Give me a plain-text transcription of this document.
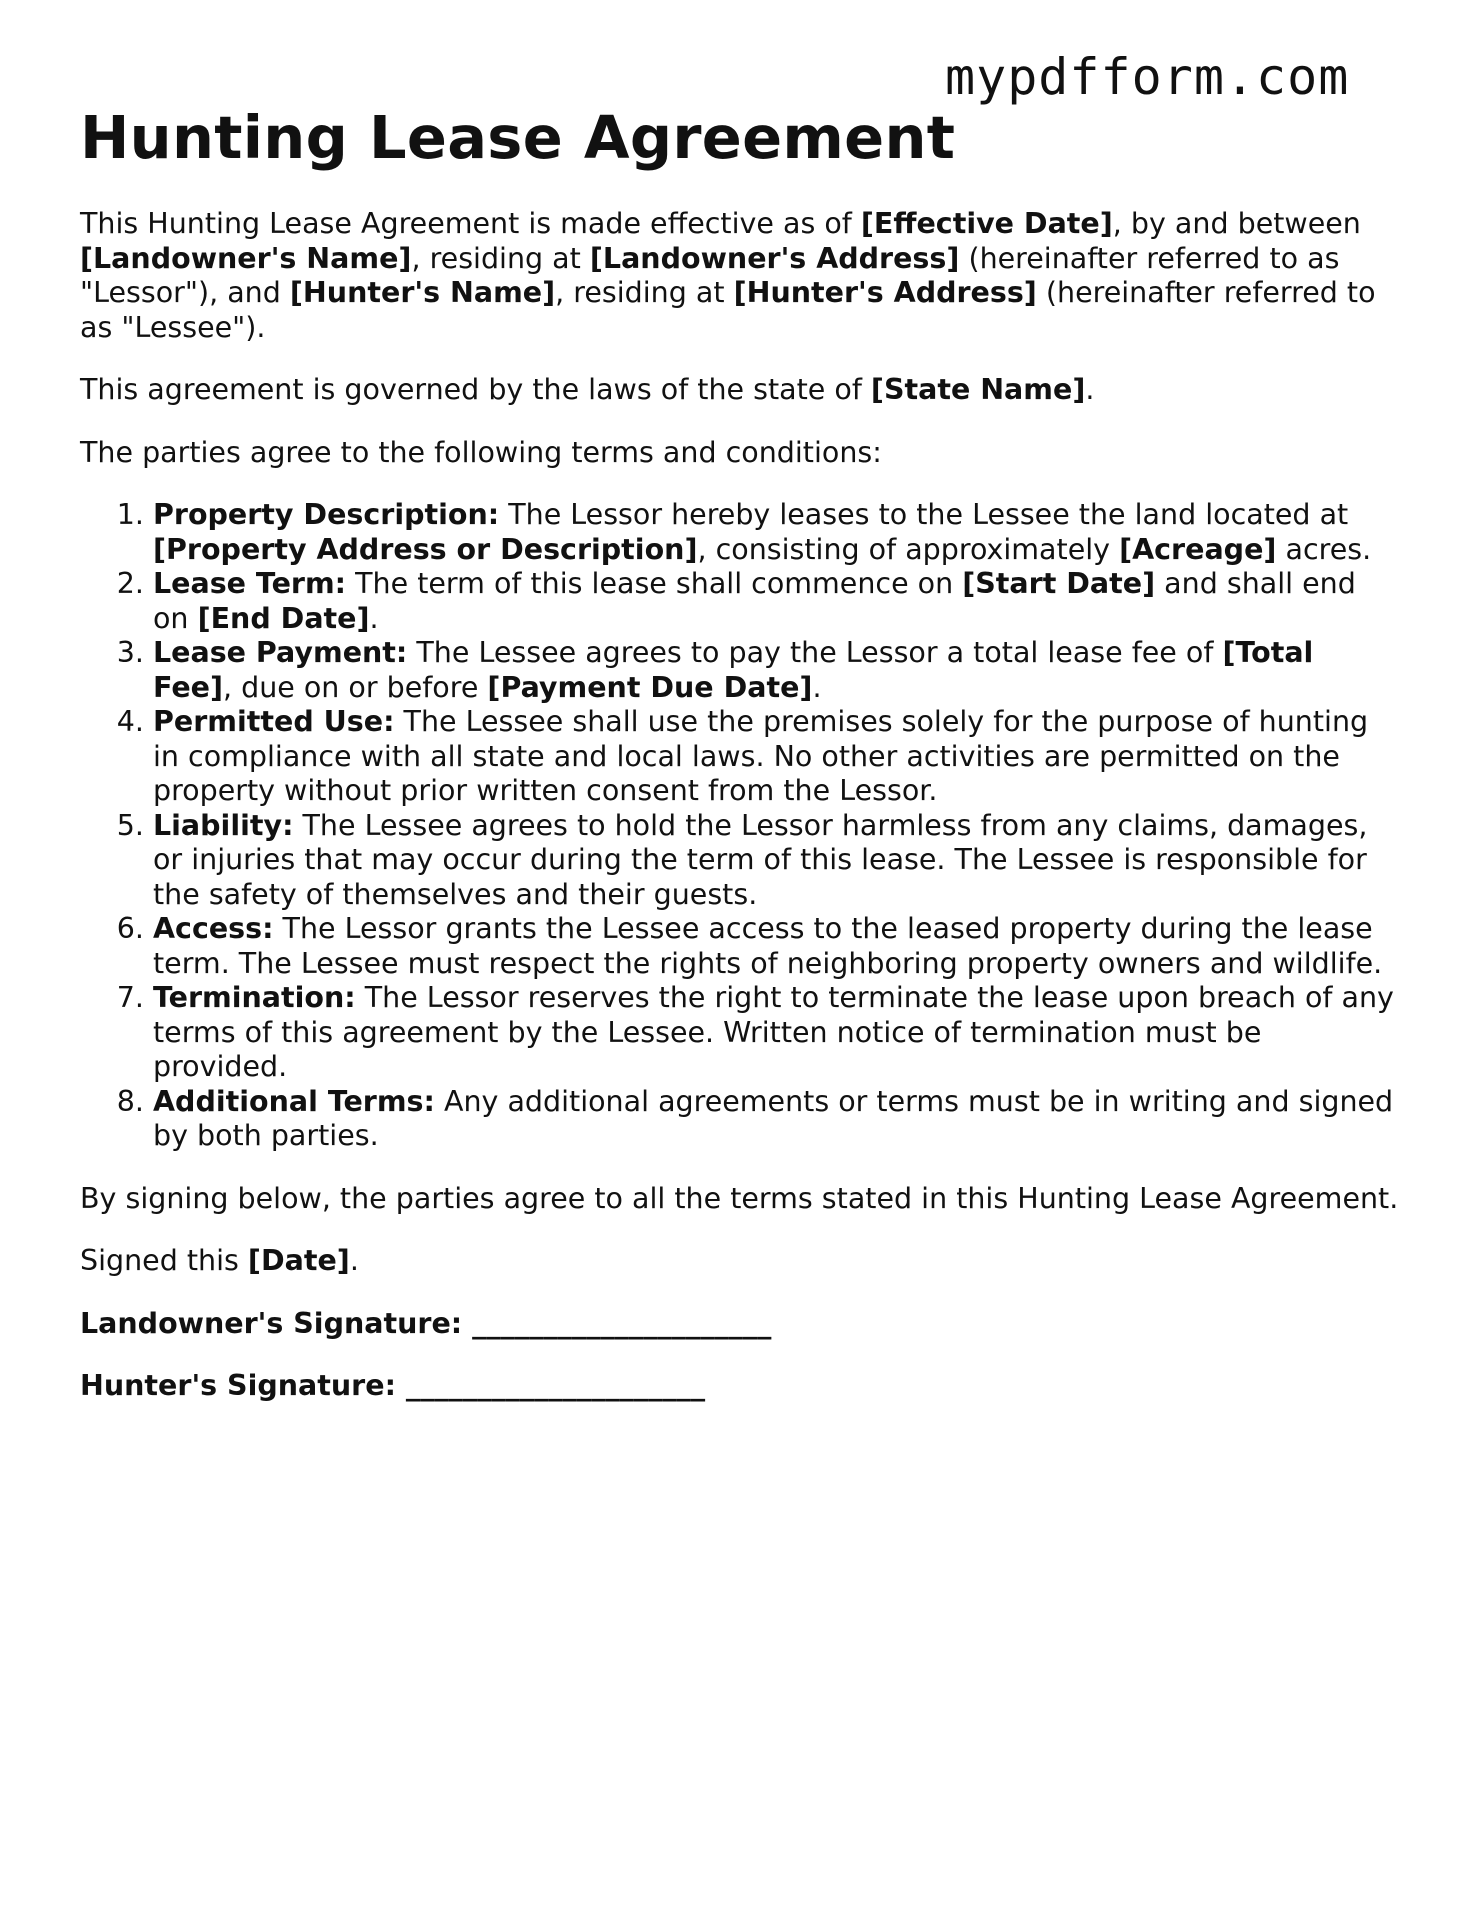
mypdfform.com
Hunting Lease Agreement

This Hunting Lease Agreement is made effective as of [Effective Date], by and between [Landowner's Name], residing at [Landowner's Address] (hereinafter referred to as "Lessor"), and [Hunter's Name], residing at [Hunter's Address] (hereinafter referred to as "Lessee").

This agreement is governed by the laws of the state of [State Name].

The parties agree to the following terms and conditions:

1. Property Description: The Lessor hereby leases to the Lessee the land located at [Property Address or Description], consisting of approximately [Acreage] acres.
2. Lease Term: The term of this lease shall commence on [Start Date] and shall end on [End Date].
3. Lease Payment: The Lessee agrees to pay the Lessor a total lease fee of [Total Fee], due on or before [Payment Due Date].
4. Permitted Use: The Lessee shall use the premises solely for the purpose of hunting in compliance with all state and local laws. No other activities are permitted on the property without prior written consent from the Lessor.
5. Liability: The Lessee agrees to hold the Lessor harmless from any claims, damages, or injuries that may occur during the term of this lease. The Lessee is responsible for the safety of themselves and their guests.
6. Access: The Lessor grants the Lessee access to the leased property during the lease term. The Lessee must respect the rights of neighboring property owners and wildlife.
7. Termination: The Lessor reserves the right to terminate the lease upon breach of any terms of this agreement by the Lessee. Written notice of termination must be provided.
8. Additional Terms: Any additional agreements or terms must be in writing and signed by both parties.

By signing below, the parties agree to all the terms stated in this Hunting Lease Agreement.

Signed this [Date].

Landowner's Signature: _____________________

Hunter's Signature: _____________________
